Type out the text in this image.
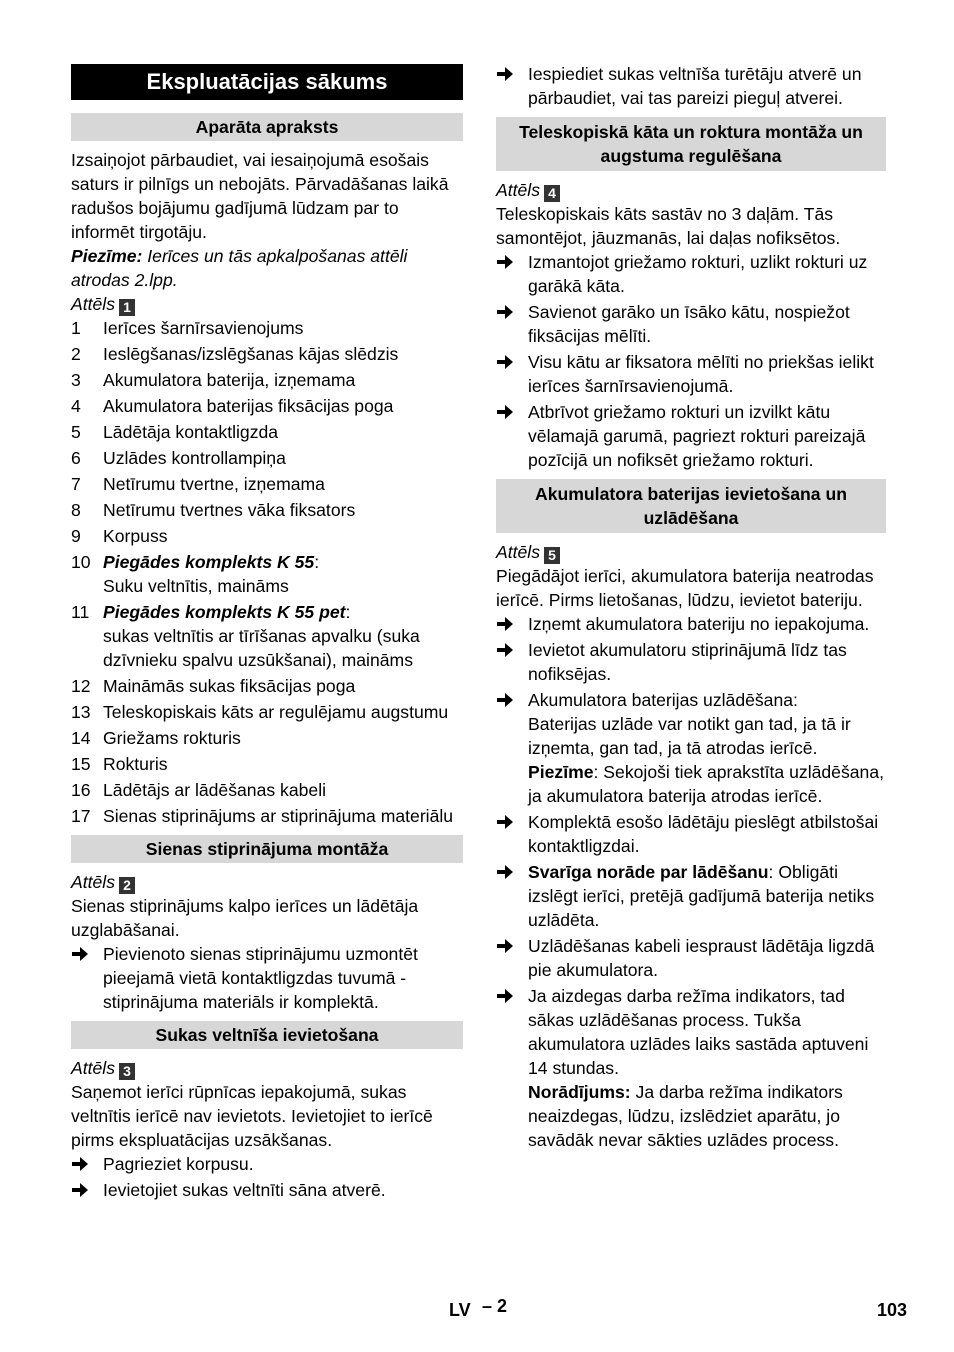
Ekspluatācijas sākums
Aparāta apraksts

Izsaiņojot pārbaudiet, vai iesaiņojumā esošais saturs ir pilnīgs un nebojāts. Pārvadāšanas laikā radušos bojājumu gadījumā lūdzam par to informēt tirgotāju.

Piezīme: Ierīces un tās apkalpošanas attēli atrodas 2.lpp.

Attēls 1

1 Ierīces šarnīrsavienojums
2 Ieslēgšanas/izslēgšanas kājas slēdzis
3 Akumulatora baterija, izņemama
4 Akumulatora baterijas fiksācijas poga
5 Lādētāja kontaktligzda
6 Uzlādes kontrollampiņa
7 Netīrumu tvertne, izņemama
8 Netīrumu tvertnes vāka fiksators
9 Korpuss
10 Piegādes komplekts K 55:
Suku veltnītis, maināms
11 Piegādes komplekts K 55 pet:
sukas veltnītis ar tīrīšanas apvalku (suka dzīvnieku spalvu uzsūkšanai), maināms
12 Maināmās sukas fiksācijas poga
13 Teleskopiskais kāts ar regulējamu augstumu
14 Griežams rokturis
15 Rokturis
16 Lādētājs ar lādēšanas kabeli
17 Sienas stiprinājums ar stiprinājuma materiālu
Sienas stiprinājuma montāža

Attēls 2

Sienas stiprinājums kalpo ierīces un lādētāja uzglabāšanai.

Pievienoto sienas stiprinājumu uzmontēt pieejamā vietā kontaktligzdas tuvumā - stiprinājuma materiāls ir komplektā.
Sukas veltnīša ievietošana

Attēls 3

Saņemot ierīci rūpnīcas iepakojumā, sukas veltnītis ierīcē nav ievietots. Ievietojiet to ierīcē pirms ekspluatācijas uzsākšanas.

Pagrieziet korpusu.
Ievietojiet sukas veltnīti sāna atverē.
Iespiediet sukas veltnīša turētāju atverē un pārbaudiet, vai tas pareizi pieguļ atverei.
Teleskopiskā kāta un roktura montāža un augstuma regulēšana

Attēls 4

Teleskopiskais kāts sastāv no 3 daļām. Tās samontējot, jāuzmanās, lai daļas nofiksētos.

Izmantojot griežamo rokturi, uzlikt rokturi uz garākā kāta.
Savienot garāko un īsāko kātu, nospiežot fiksācijas mēlīti.
Visu kātu ar fiksatora mēlīti no priekšas ielikt ierīces šarnīrsavienojumā.
Atbrīvot griežamo rokturi un izvilkt kātu vēlamajā garumā, pagriezt rokturi pareizajā pozīcijā un nofiksēt griežamo rokturi.
Akumulatora baterijas ievietošana un uzlādēšana

Attēls 5

Piegādājot ierīci, akumulatora baterija neatrodas ierīcē. Pirms lietošanas, lūdzu, ievietot bateriju.

Izņemt akumulatora bateriju no iepakojuma.
Ievietot akumulatoru stiprinājumā līdz tas nofiksējas.
Akumulatora baterijas uzlādēšana:
Baterijas uzlāde var notikt gan tad, ja tā ir izņemta, gan tad, ja tā atrodas ierīcē.
Piezīme: Sekojoši tiek aprakstīta uzlādēšana, ja akumulatora baterija atrodas ierīcē.
Komplektā esošo lādētāju pieslēgt atbilstošai kontaktligzdai.
Svarīga norāde par lādēšanu: Obligāti izslēgt ierīci, pretējā gadījumā baterija netiks uzlādēta.
Uzlādēšanas kabeli iespraust lādētāja ligzdā pie akumulatora.
Ja aizdegas darba režīma indikators, tad sākas uzlādēšanas process. Tukša akumulatora uzlādes laiks sastāda aptuveni 14 stundas.
Norādījums: Ja darba režīma indikators neaizdegas, lūdzu, izslēdziet aparātu, jo savādāk nevar sākties uzlādes process.
LV – 2	103
